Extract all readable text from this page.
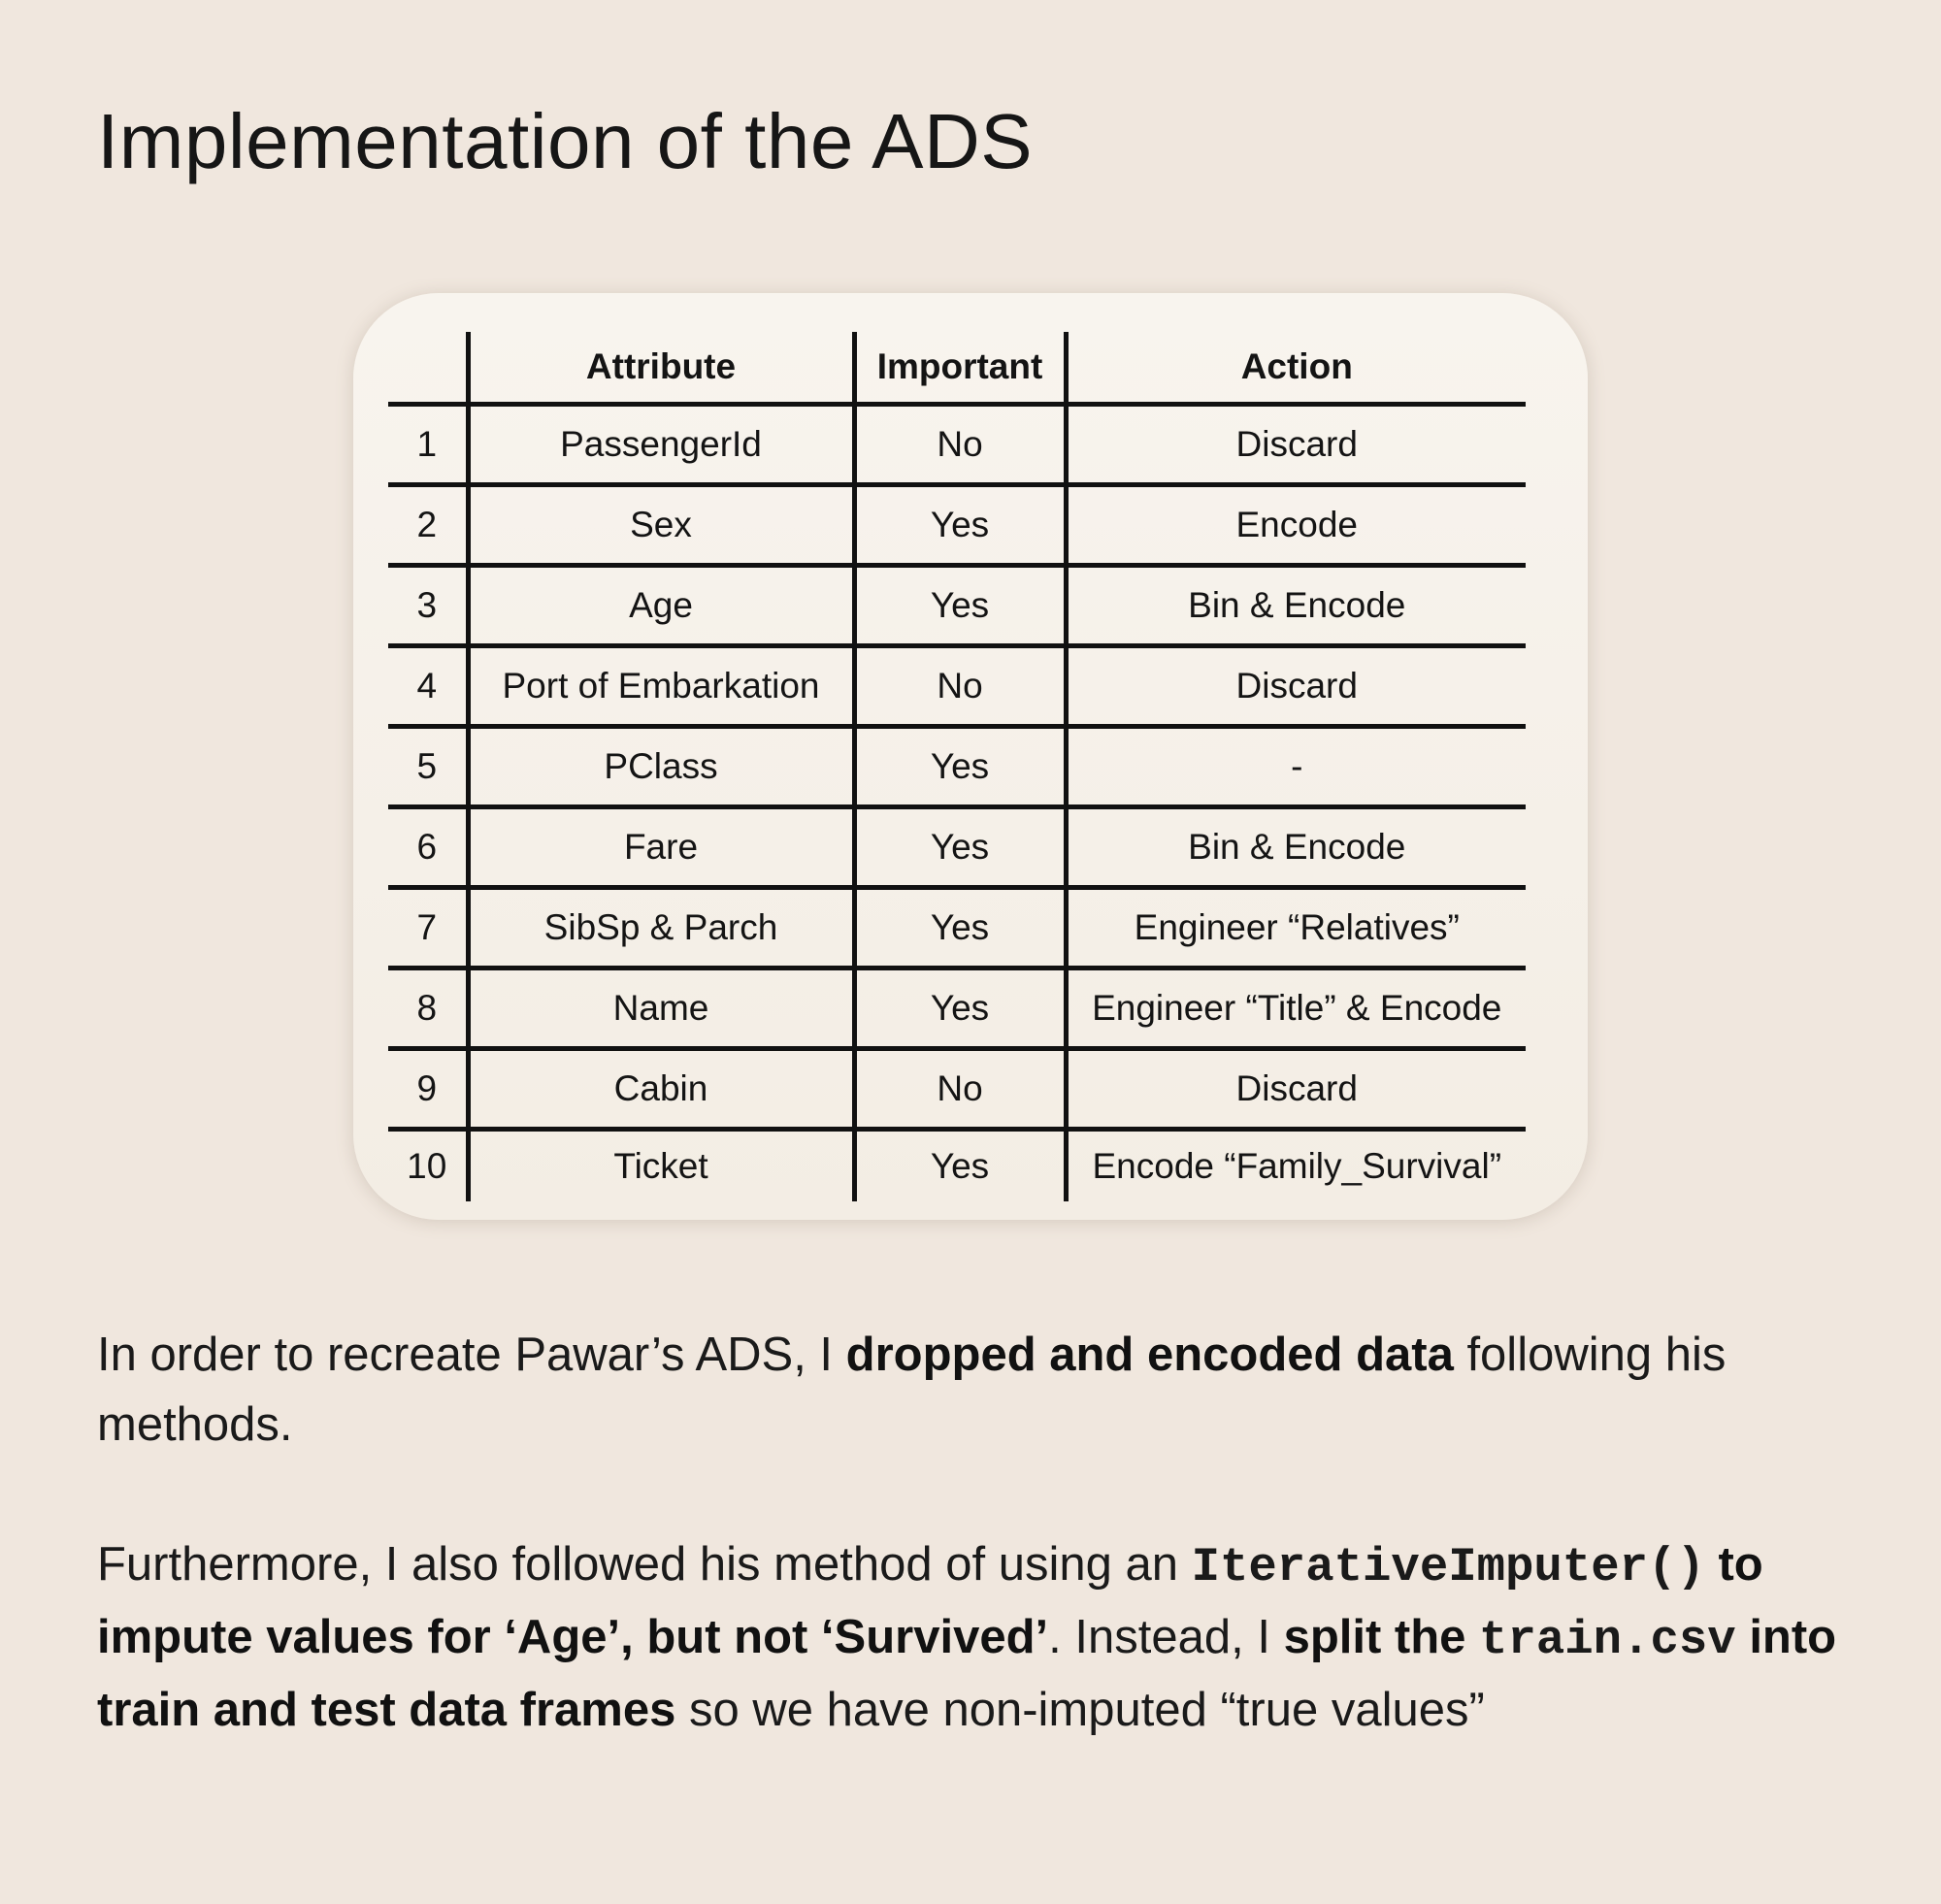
Implementation of the ADS
	Attribute	Important	Action
1	PassengerId	No	Discard
2	Sex	Yes	Encode
3	Age	Yes	Bin & Encode
4	Port of Embarkation	No	Discard
5	PClass	Yes	-
6	Fare	Yes	Bin & Encode
7	SibSp & Parch	Yes	Engineer “Relatives”
8	Name	Yes	Engineer “Title” & Encode
9	Cabin	No	Discard
10	Ticket	Yes	Encode “Family_Survival”

In order to recreate Pawar’s ADS, I dropped and encoded data following his methods.

Furthermore, I also followed his method of using an IterativeImputer() to impute values for ‘Age’, but not ‘Survived’. Instead, I split the train.csv into train and test data frames so we have non-imputed “true values”
